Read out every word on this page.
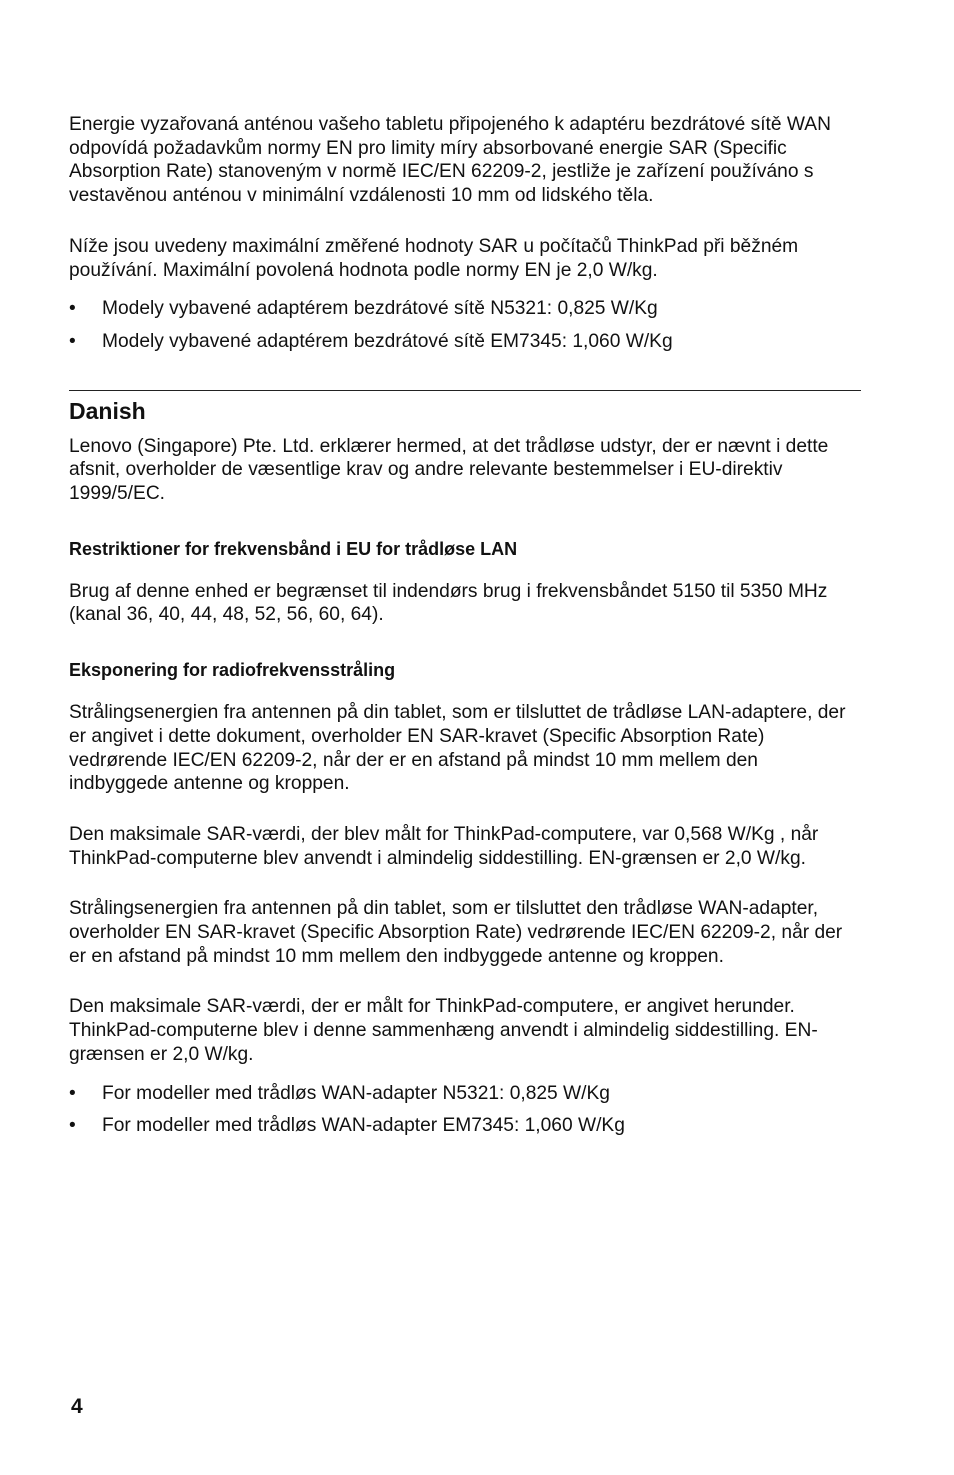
Energie vyzařovaná anténou vašeho tabletu připojeného k adaptéru bezdrátové sítě WAN odpovídá požadavkům normy EN pro limity míry absorbované energie SAR (Specific Absorption Rate) stanoveným v normě IEC/EN 62209-2, jestliže je zařízení používáno s vestavěnou anténou v minimální vzdálenosti 10 mm od lidského těla.

Níže jsou uvedeny maximální změřené hodnoty SAR u počítačů ThinkPad při běžném používání. Maximální povolená hodnota podle normy EN je 2,0 W/kg.

• Modely vybavené adaptérem bezdrátové sítě N5321: 0,825 W/Kg
• Modely vybavené adaptérem bezdrátové sítě EM7345: 1,060 W/Kg
Danish

Lenovo (Singapore) Pte. Ltd. erklærer hermed, at det trådløse udstyr, der er nævnt i dette afsnit, overholder de væsentlige krav og andre relevante bestemmelser i EU-direktiv 1999/5/EC.

Restriktioner for frekvensbånd i EU for trådløse LAN

Brug af denne enhed er begrænset til indendørs brug i frekvensbåndet 5150 til 5350 MHz (kanal 36, 40, 44, 48, 52, 56, 60, 64).

Eksponering for radiofrekvensstråling

Strålingsenergien fra antennen på din tablet, som er tilsluttet de trådløse LAN-adaptere, der er angivet i dette dokument, overholder EN SAR-kravet (Specific Absorption Rate) vedrørende IEC/EN 62209-2, når der er en afstand på mindst 10 mm mellem den indbyggede antenne og kroppen.

Den maksimale SAR-værdi, der blev målt for ThinkPad-computere, var 0,568 W/Kg , når ThinkPad-computerne blev anvendt i almindelig siddestilling. EN-grænsen er 2,0 W/kg.

Strålingsenergien fra antennen på din tablet, som er tilsluttet den trådløse WAN-adapter, overholder EN SAR-kravet (Specific Absorption Rate) vedrørende IEC/EN 62209-2, når der er en afstand på mindst 10 mm mellem den indbyggede antenne og kroppen.

Den maksimale SAR-værdi, der er målt for ThinkPad-computere, er angivet herunder. ThinkPad-computerne blev i denne sammenhæng anvendt i almindelig siddestilling. EN-grænsen er 2,0 W/kg.

• For modeller med trådløs WAN-adapter N5321: 0,825 W/Kg
• For modeller med trådløs WAN-adapter EM7345: 1,060 W/Kg
4
